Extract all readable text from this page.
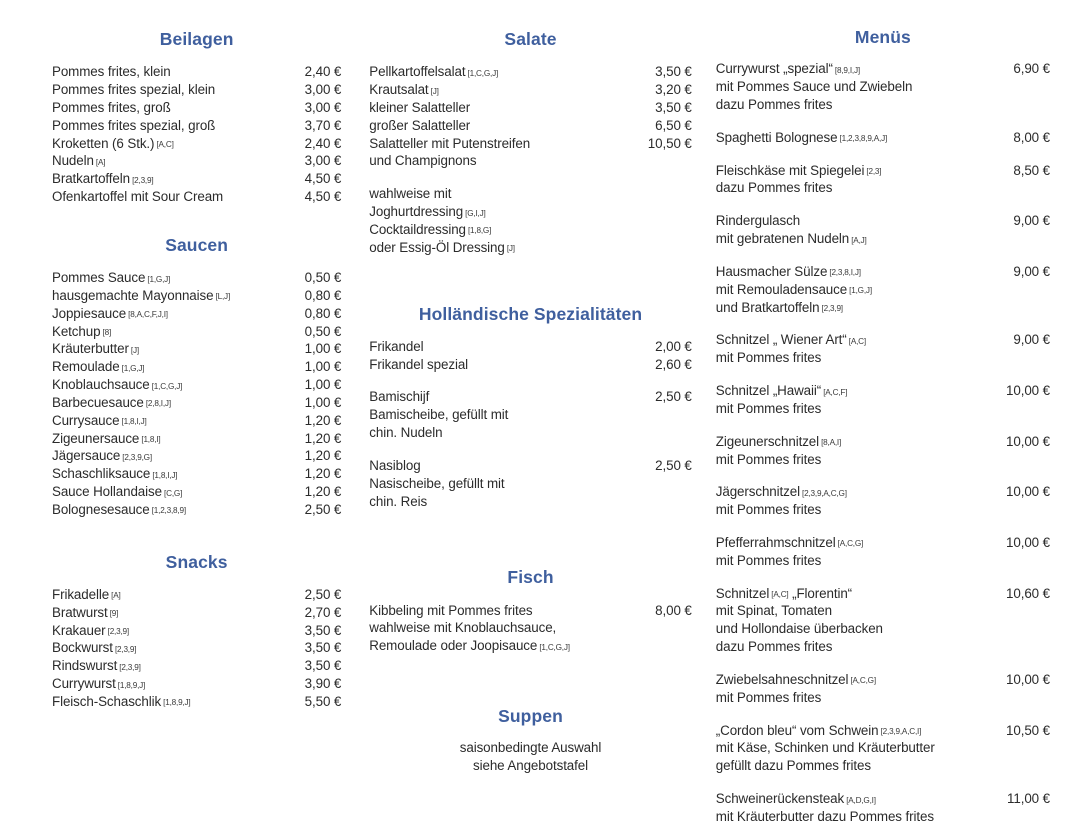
Beilagen
Pommes frites, klein	2,40 €
Pommes frites spezial, klein	3,00 €
Pommes frites, groß	3,00 €
Pommes frites spezial, groß	3,70 €
Kroketten (6 Stk.) [A,C]	2,40 €
Nudeln [A]	3,00 €
Bratkartoffeln [2,3,9]	4,50 €
Ofenkartoffel mit Sour Cream	4,50 €
Saucen
Pommes Sauce [1,G,J]	0,50 €
hausgemachte Mayonnaise [L,J]	0,80 €
Joppiesauce [8,A,C,F,J,I]	0,80 €
Ketchup [8]	0,50 €
Kräuterbutter [J]	1,00 €
Remoulade [1,G,J]	1,00 €
Knoblauchsauce [1,C,G,J]	1,00 €
Barbecuesauce [2,8,I,J]	1,00 €
Currysauce [1,8,I,J]	1,20 €
Zigeunersauce [1,8,I]	1,20 €
Jägersauce [2,3,9,G]	1,20 €
Schaschliksauce [1,8,I,J]	1,20 €
Sauce Hollandaise [C,G]	1,20 €
Bolognesesauce [1,2,3,8,9]	2,50 €
Snacks
Frikadelle [A]	2,50 €
Bratwurst [9]	2,70 €
Krakauer [2,3,9]	3,50 €
Bockwurst [2,3,9]	3,50 €
Rindswurst [2,3,9]	3,50 €
Currywurst [1,8,9,J]	3,90 €
Fleisch-Schaschlik [1,8,9,J]	5,50 €
Salate
Pellkartoffelsalat [1,C,G,J]	3,50 €
Krautsalat [J]	3,20 €
kleiner Salatteller	3,50 €
großer Salatteller	6,50 €
Salatteller mit Putenstreifen
und Champignons
10,50 €
wahlweise mit
Joghurtdressing [G,I,J]
Cocktaildressing [1,8,G]
oder Essig-Öl Dressing [J]
Holländische Spezialitäten
Frikandel	2,00 €
Frikandel spezial	2,60 €
Bamischijf
Bamischeibe, gefüllt mit
chin. Nudeln
2,50 €
Nasiblog
Nasischeibe, gefüllt mit
chin. Reis
2,50 €
Fisch
Kibbeling mit Pommes frites
wahlweise mit Knoblauchsauce,
Remoulade oder Joopisauce [1,C,G,J]
8,00 €
Suppen
saisonbedingte Auswahl
siehe Angebotstafel
Menüs
Currywurst „spezial“ [8,9,I,J]
mit Pommes Sauce und Zwiebeln
dazu Pommes frites
6,90 €
Spaghetti Bolognese [1,2,3,8,9,A,J]	8,00 €
Fleischkäse mit Spiegelei [2,3]
dazu Pommes frites
8,50 €
Rindergulasch
mit gebratenen Nudeln [A,J]
9,00 €
Hausmacher Sülze [2,3,8,I,J]
mit Remouladensauce [1,G,J]
und Bratkartoffeln [2,3,9]
9,00 €
Schnitzel „ Wiener Art“ [A,C]
mit Pommes frites
9,00 €
Schnitzel „Hawaii“ [A,C,F]
mit Pommes frites
10,00 €
Zigeunerschnitzel [8,A,I]
mit Pommes frites
10,00 €
Jägerschnitzel [2,3,9,A,C,G]
mit Pommes frites
10,00 €
Pfefferrahmschnitzel [A,C,G]
mit Pommes frites
10,00 €
Schnitzel [A,C] „Florentin“
mit Spinat, Tomaten
und Hollondaise überbacken
dazu Pommes frites
10,60 €
Zwiebelsahneschnitzel [A,C,G]
mit Pommes frites
10,00 €
„Cordon bleu“ vom Schwein [2,3,9,A,C,I]
mit Käse, Schinken und Kräuterbutter
gefüllt dazu Pommes frites
10,50 €
Schweinerückensteak [A,D,G,I]
mit Kräuterbutter dazu Pommes frites
11,00 €
